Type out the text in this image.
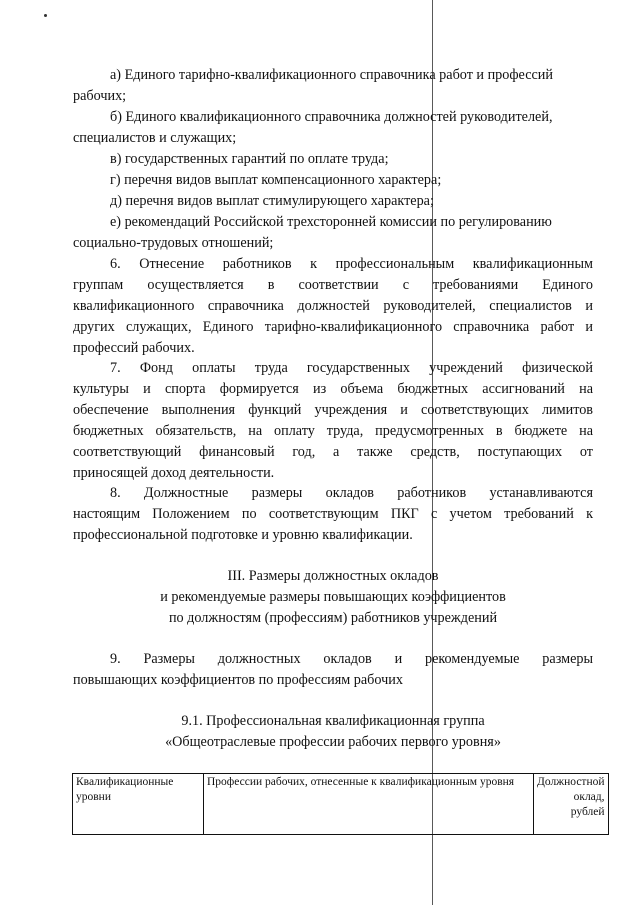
а) Единого тарифно-квалификационного справочника работ и профессий
рабочих;
б) Единого квалификационного справочника должностей руководителей,
специалистов и служащих;
в) государственных гарантий по оплате труда;
г) перечня видов выплат компенсационного характера;
д) перечня видов выплат стимулирующего характера;
е) рекомендаций Российской трехсторонней комиссии по регулированию
социально-трудовых отношений;
6. Отнесение работников к профессиональным квалификационным
группам осуществляется в соответствии с требованиями Единого
квалификационного справочника должностей руководителей, специалистов и
других служащих, Единого тарифно-квалификационного справочника работ и
профессий рабочих.
7. Фонд оплаты труда государственных учреждений физической
культуры и спорта формируется из объема бюджетных ассигнований на
обеспечение выполнения функций учреждения и соответствующих лимитов
бюджетных обязательств, на оплату труда, предусмотренных в бюджете на
соответствующий финансовый год, а также средств, поступающих от
приносящей доход деятельности.
8. Должностные размеры окладов работников устанавливаются
настоящим Положением по соответствующим ПКГ с учетом требований к
профессиональной подготовке и уровню квалификации.
III. Размеры должностных окладов
и рекомендуемые размеры повышающих коэффициентов
по должностям (профессиям) работников учреждений
9. Размеры должностных окладов и рекомендуемые размеры
повышающих коэффициентов по профессиям рабочих
9.1. Профессиональная квалификационная группа
«Общеотраслевые профессии рабочих первого уровня»
Квалификационные уровни	Профессии рабочих, отнесенные к квалификационным уровня	Должностной оклад, рублей
